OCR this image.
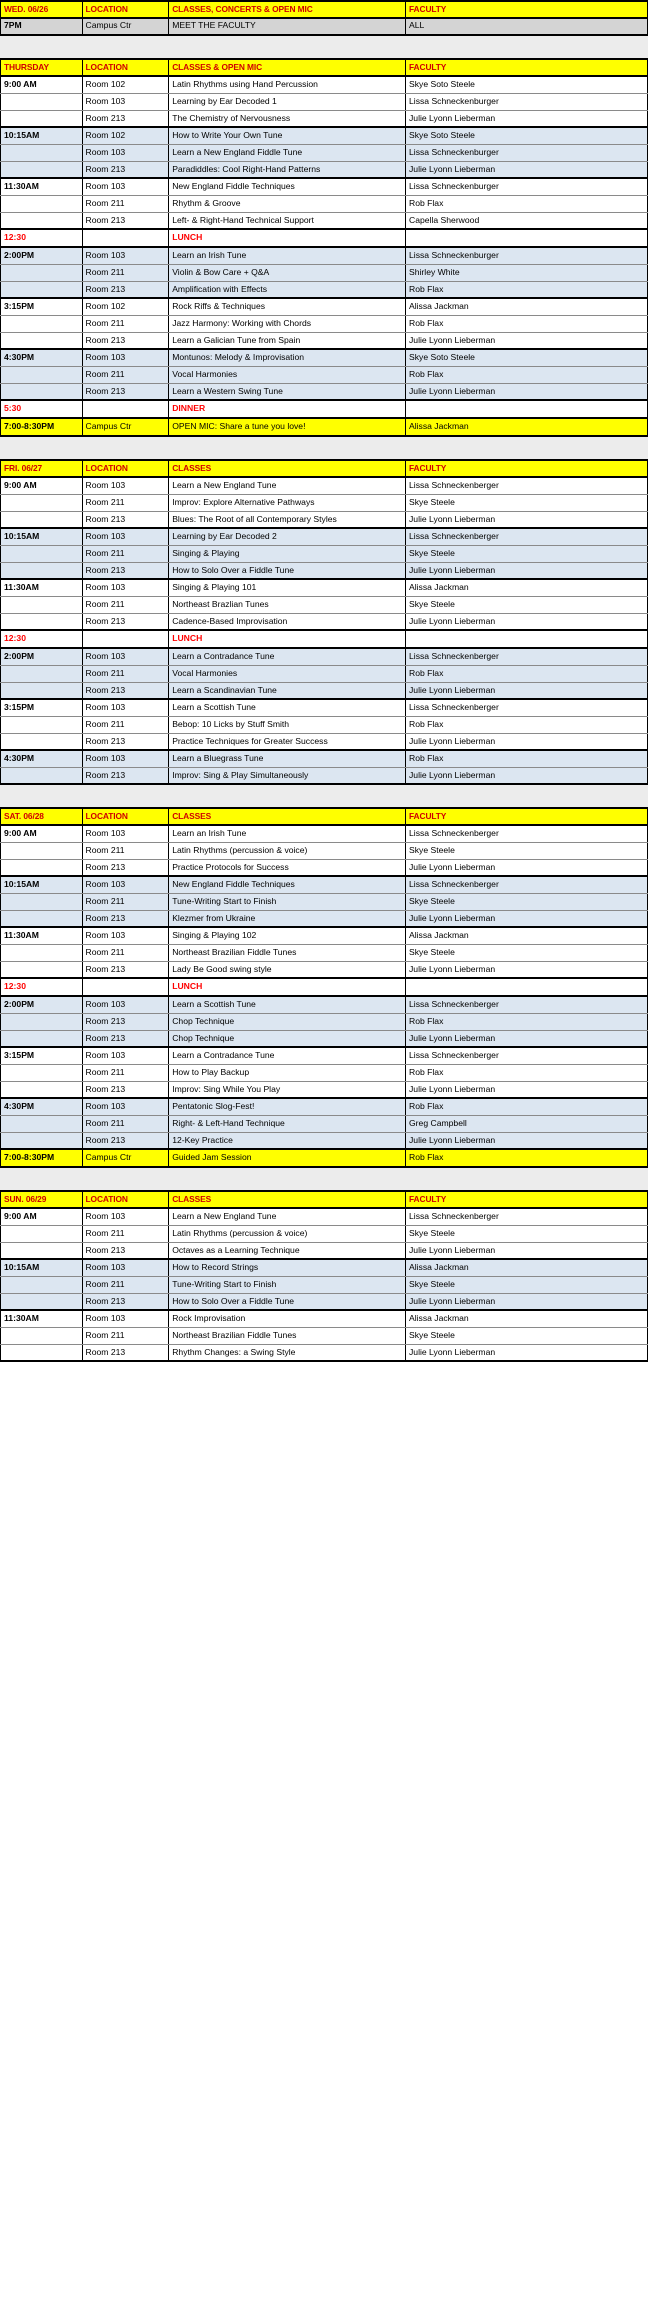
WED. 06/26	LOCATION	CLASSES, CONCERTS & OPEN MIC	FACULTY
7PM	Campus Ctr	MEET THE FACULTY	ALL
THURSDAY	LOCATION	CLASSES & OPEN MIC	FACULTY
9:00 AM	Room 102	Latin Rhythms using Hand Percussion	Skye Soto Steele
	Room 103	Learning by Ear Decoded 1	Lissa Schneckenburger
	Room 213	The Chemistry of Nervousness	Julie Lyonn Lieberman
10:15AM	Room 102	How to Write Your Own Tune	Skye Soto Steele
	Room 103	Learn a New England Fiddle Tune	Lissa Schneckenburger
	Room 213	Paradiddles: Cool Right-Hand Patterns	Julie Lyonn Lieberman
11:30AM	Room 103	New England Fiddle Techniques	Lissa Schneckenburger
	Room 211	Rhythm & Groove	Rob Flax
	Room 213	Left- & Right-Hand Technical Support	Capella Sherwood
12:30		LUNCH	
2:00PM	Room 103	Learn an Irish Tune	Lissa Schneckenburger
	Room 211	Violin & Bow Care + Q&A	Shirley White
	Room 213	Amplification with Effects	Rob Flax
3:15PM	Room 102	Rock Riffs & Techniques	Alissa Jackman
	Room 211	Jazz Harmony: Working with Chords	Rob Flax
	Room 213	Learn a Galician Tune from Spain	Julie Lyonn Lieberman
4:30PM	Room 103	Montunos: Melody & Improvisation	Skye Soto Steele
	Room 211	Vocal Harmonies	Rob Flax
	Room 213	Learn a Western Swing Tune	Julie Lyonn Lieberman
5:30		DINNER	
7:00-8:30PM	Campus Ctr	OPEN MIC: Share a tune you love!	Alissa Jackman
FRI. 06/27	LOCATION	CLASSES	FACULTY
9:00 AM	Room 103	Learn a New England Tune	Lissa Schneckenberger
	Room 211	Improv: Explore Alternative Pathways	Skye Steele
	Room 213	Blues: The Root of all Contemporary Styles	Julie Lyonn Lieberman
10:15AM	Room 103	Learning by Ear Decoded 2	Lissa Schneckenberger
	Room 211	Singing & Playing	Skye Steele
	Room 213	How to Solo Over a Fiddle Tune	Julie Lyonn Lieberman
11:30AM	Room 103	Singing & Playing 101	Alissa Jackman
	Room 211	Northeast Brazlian Tunes	Skye Steele
	Room 213	Cadence-Based Improvisation	Julie Lyonn Lieberman
12:30		LUNCH	
2:00PM	Room 103	Learn a Contradance Tune	Lissa Schneckenberger
	Room 211	Vocal Harmonies	Rob Flax
	Room 213	Learn a Scandinavian Tune	Julie Lyonn Lieberman
3:15PM	Room 103	Learn a Scottish Tune	Lissa Schneckenberger
	Room 211	Bebop: 10 Licks by Stuff Smith	Rob Flax
	Room 213	Practice Techniques for Greater Success	Julie Lyonn Lieberman
4:30PM	Room 103	Learn a Bluegrass Tune	Rob Flax
	Room 213	Improv: Sing & Play Simultaneously	Julie Lyonn Lieberman
SAT. 06/28	LOCATION	CLASSES	FACULTY
9:00 AM	Room 103	Learn an Irish Tune	Lissa Schneckenberger
	Room 211	Latin Rhythms (percussion & voice)	Skye Steele
	Room 213	Practice Protocols for Success	Julie Lyonn Lieberman
10:15AM	Room 103	New England Fiddle Techniques	Lissa Schneckenberger
	Room 211	Tune-Writing Start to Finish	Skye Steele
	Room 213	Klezmer from Ukraine	Julie Lyonn Lieberman
11:30AM	Room 103	Singing & Playing 102	Alissa Jackman
	Room 211	Northeast Brazilian Fiddle Tunes	Skye Steele
	Room 213	Lady Be Good swing style	Julie Lyonn Lieberman
12:30		LUNCH	
2:00PM	Room 103	Learn a Scottish Tune	Lissa Schneckenberger
	Room 213	Chop Technique	Rob Flax
	Room 213	Chop Technique	Julie Lyonn Lieberman
3:15PM	Room 103	Learn a Contradance Tune	Lissa Schneckenberger
	Room 211	How to Play Backup	Rob Flax
	Room 213	Improv: Sing While You Play	Julie Lyonn Lieberman
4:30PM	Room 103	Pentatonic Slog-Fest!	Rob Flax
	Room 211	Right- & Left-Hand Technique	Greg Campbell
	Room 213	12-Key Practice	Julie Lyonn Lieberman
7:00-8:30PM	Campus Ctr	Guided Jam Session	Rob Flax
SUN. 06/29	LOCATION	CLASSES	FACULTY
9:00 AM	Room 103	Learn a New England Tune	Lissa Schneckenberger
	Room 211	Latin Rhythms (percussion & voice)	Skye Steele
	Room 213	Octaves as a Learning Technique	Julie Lyonn Lieberman
10:15AM	Room 103	How to Record Strings	Alissa Jackman
	Room 211	Tune-Writing Start to Finish	Skye Steele
	Room 213	How to Solo Over a Fiddle Tune	Julie Lyonn Lieberman
11:30AM	Room 103	Rock Improvisation	Alissa Jackman
	Room 211	Northeast Brazilian Fiddle Tunes	Skye Steele
	Room 213	Rhythm Changes: a Swing Style	Julie Lyonn Lieberman
